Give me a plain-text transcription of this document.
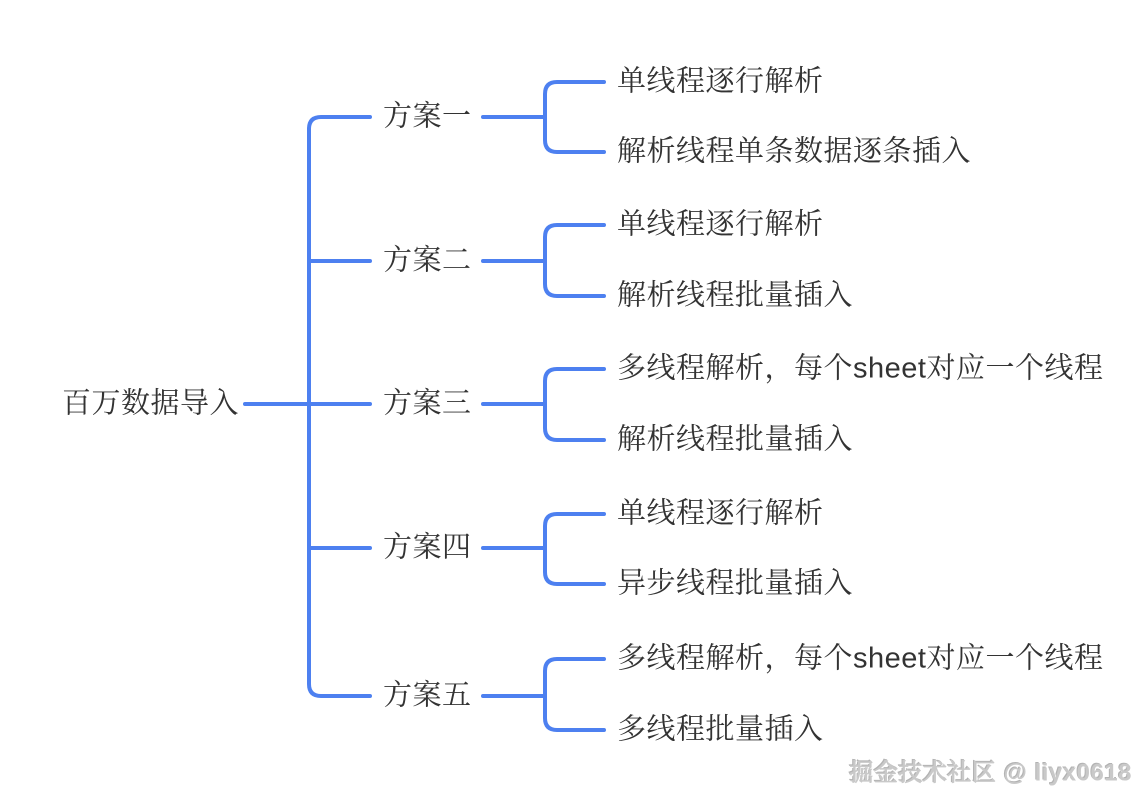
百万数据导入
方案一
方案二
方案三
方案四
方案五
单线程逐行解析
解析线程单条数据逐条插入
单线程逐行解析
解析线程批量插入
多线程解析，每个sheet对应一个线程
解析线程批量插入
单线程逐行解析
异步线程批量插入
多线程解析，每个sheet对应一个线程
多线程批量插入
掘金技术社区 @ liyx0618
